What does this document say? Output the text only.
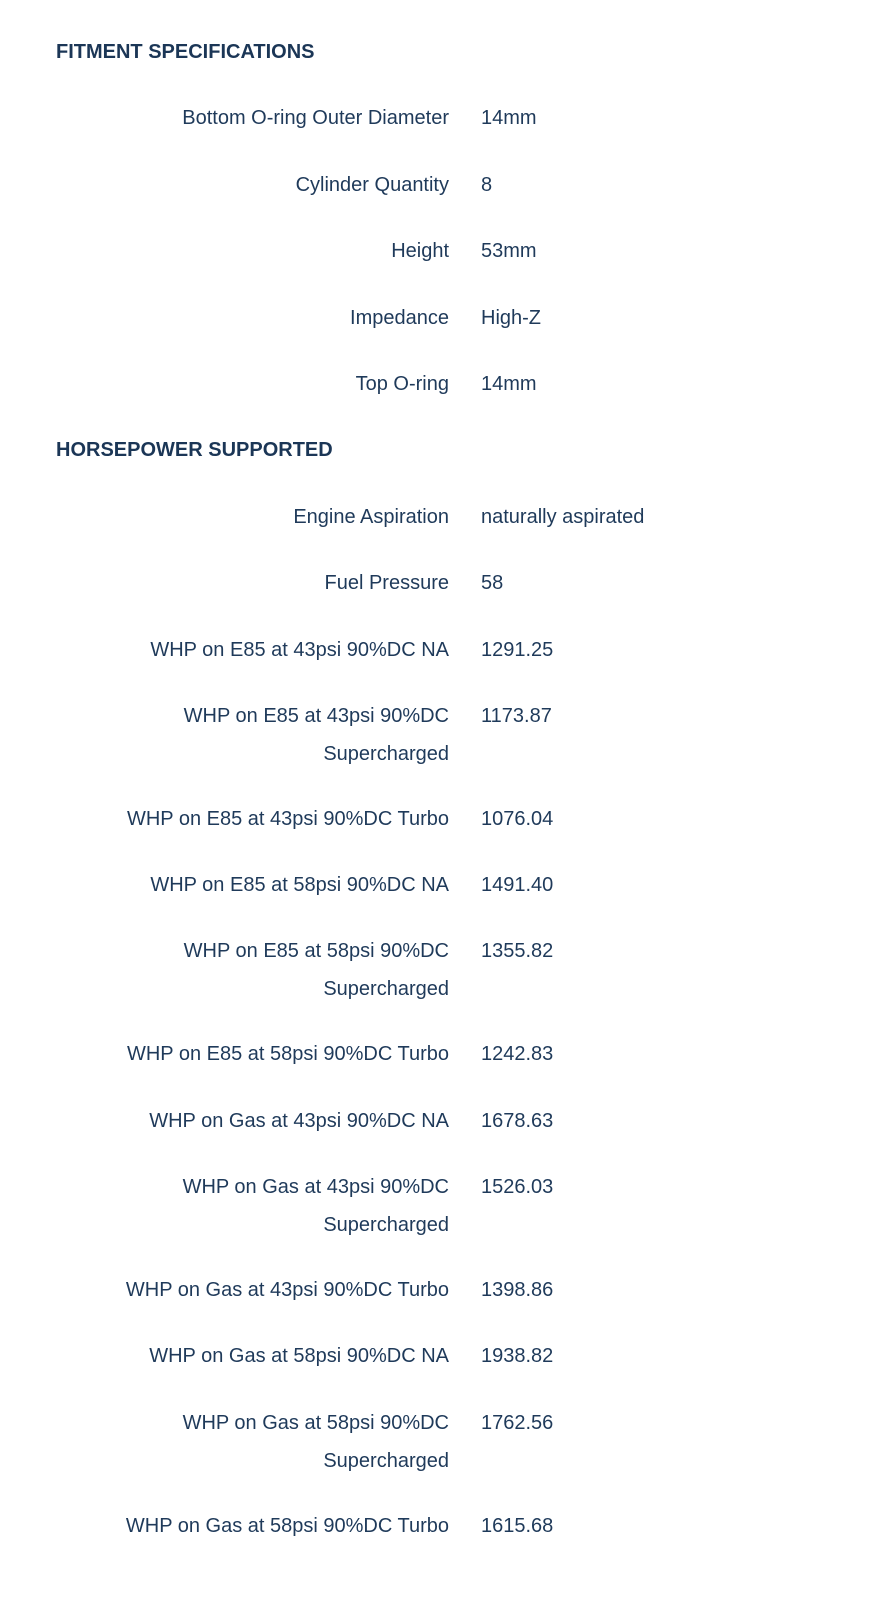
FITMENT SPECIFICATIONS
Bottom O-ring Outer Diameter 14mm
Cylinder Quantity 8
Height 53mm
Impedance High-Z
Top O-ring 14mm
HORSEPOWER SUPPORTED
Engine Aspiration naturally aspirated
Fuel Pressure 58
WHP on E85 at 43psi 90%DC NA 1291.25
WHP on E85 at 43psi 90%DC Supercharged
1173.87
WHP on E85 at 43psi 90%DC Turbo 1076.04
WHP on E85 at 58psi 90%DC NA 1491.40
WHP on E85 at 58psi 90%DC Supercharged
1355.82
WHP on E85 at 58psi 90%DC Turbo 1242.83
WHP on Gas at 43psi 90%DC NA 1678.63
WHP on Gas at 43psi 90%DC Supercharged
1526.03
WHP on Gas at 43psi 90%DC Turbo 1398.86
WHP on Gas at 58psi 90%DC NA 1938.82
WHP on Gas at 58psi 90%DC Supercharged
1762.56
WHP on Gas at 58psi 90%DC Turbo 1615.68
